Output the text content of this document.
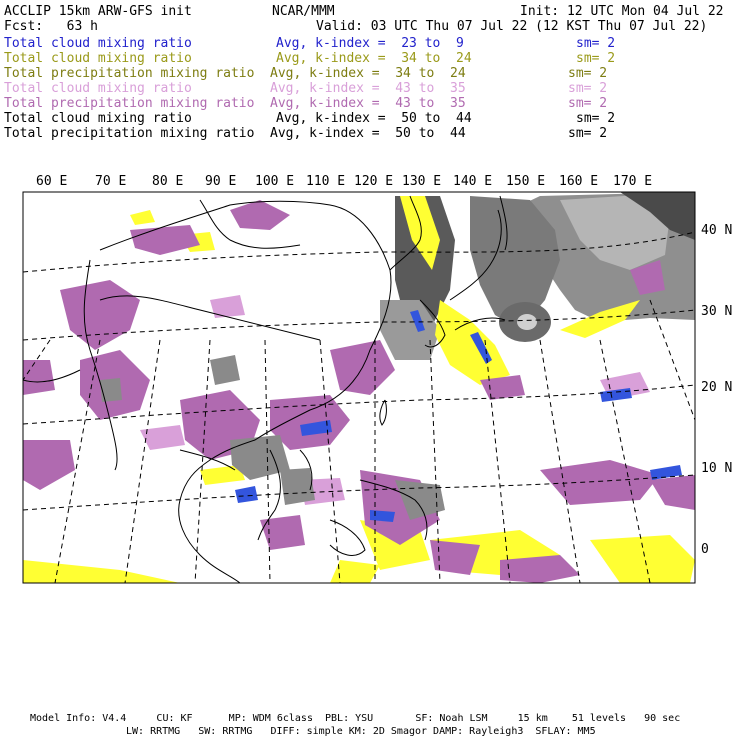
ACCLIP 15km ARW-GFS init	NCAR/MMM	Init: 12 UTC Mon 04 Jul 22
Fcst:   63 h	Valid: 03 UTC Thu 07 Jul 22 (12 KST Thu 07 Jul 22)
Total cloud mixing ratio	Avg, k-index =  23 to  9	sm= 2
Total cloud mixing ratio	Avg, k-index =  34 to  24	sm= 2
Total precipitation mixing ratio Avg, k-index =  34 to  24	sm= 2
Total cloud mixing ratio	Avg, k-index =  43 to  35	sm= 2
Total precipitation mixing ratio Avg, k-index =  43 to  35	sm= 2
Total cloud mixing ratio	Avg, k-index =  50 to  44	sm= 2
Total precipitation mixing ratio Avg, k-index =  50 to  44	sm= 2
60 E 70 E 80 E 90 E 100 E 110 E 120 E 130 E 140 E 150 E 160 E 170 E
40 N
30 N
20 N
10 N
0
Model Info: V4.4     CU: KF      MP: WDM 6class  PBL: YSU       SF: Noah LSM     15 km    51 levels   90 sec
LW: RRTMG   SW: RRTMG   DIFF: simple KM: 2D Smagor DAMP: Rayleigh3  SFLAY: MM5
